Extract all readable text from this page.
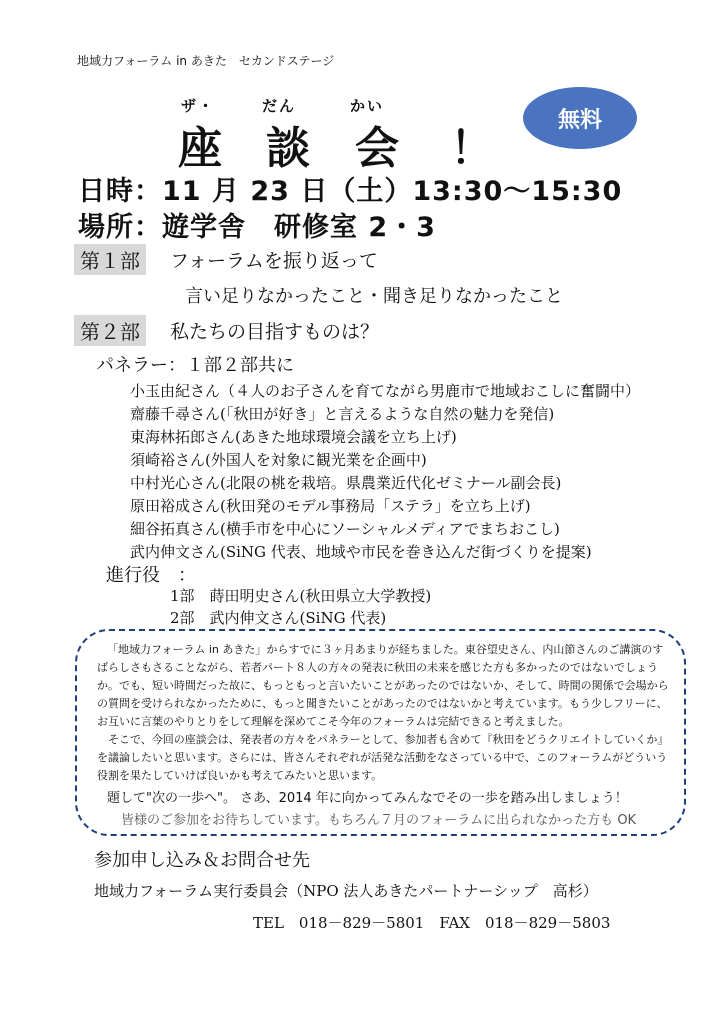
地域力フォーラム in あきた　セカンドステージ
ザ・	だん	かい
座 談 会 ！
無料
日時：11 月 23 日（土）13:30～15:30
場所：遊学舎　研修室 2・3
第１部	フォーラムを振り返って
言い足りなかったこと・聞き足りなかったこと
第２部	私たちの目指すものは？
パネラー：１部２部共に
小玉由紀さん（４人のお子さんを育てながら男鹿市で地域おこしに奮闘中）
齋藤千尋さん(「秋田が好き」と言えるような自然の魅力を発信)
東海林拓郎さん(あきた地球環境会議を立ち上げ)
須崎裕さん(外国人を対象に観光業を企画中)
中村光心さん(北限の桃を栽培。県農業近代化ゼミナール副会長)
原田裕成さん(秋田発のモデル事務局「ステラ」を立ち上げ)
細谷拓真さん(横手市を中心にソーシャルメディアでまちおこし)
武内伸文さん(SiNG 代表、地域や市民を巻き込んだ街づくりを提案)
進行役　：
1部　蒔田明史さん(秋田県立大学教授)
2部　武内伸文さん(SiNG 代表)
「地域力フォーラム in あきた」からすでに３ヶ月あまりが経ちました。東谷望史さん、内山節さんのご講演のす
ばらしさもさることながら、若者パート８人の方々の発表に秋田の未来を感じた方も多かったのではないでしょう
か。でも、短い時間だった故に、もっともっと言いたいことがあったのではないか、そして、時間の関係で会場から
の質問を受けられなかったために、もっと聞きたいことがあったのではないかと考えています。もう少しフリーに、
お互いに言葉のやりとりをして理解を深めてこそ今年のフォーラムは完結できると考えました。
　そこで、今回の座談会は、発表者の方々をパネラーとして、参加者も含めて『秋田をどうクリエイトしていくか』
を議論したいと思います。さらには、皆さんそれぞれが活発な活動をなさっている中で、このフォーラムがどういう
役割を果たしていけば良いかも考えてみたいと思います。
題して"次の一歩へ"。 さあ、2014 年に向かってみんなでその一歩を踏み出しましょう！
皆様のご参加をお待ちしています。もちろん７月のフォーラムに出られなかった方も OK
参加申し込み＆お問合せ先
地域力フォーラム実行委員会（NPO 法人あきたパートナーシップ　高杉）
TEL　018－829－5801　FAX　018－829－5803
